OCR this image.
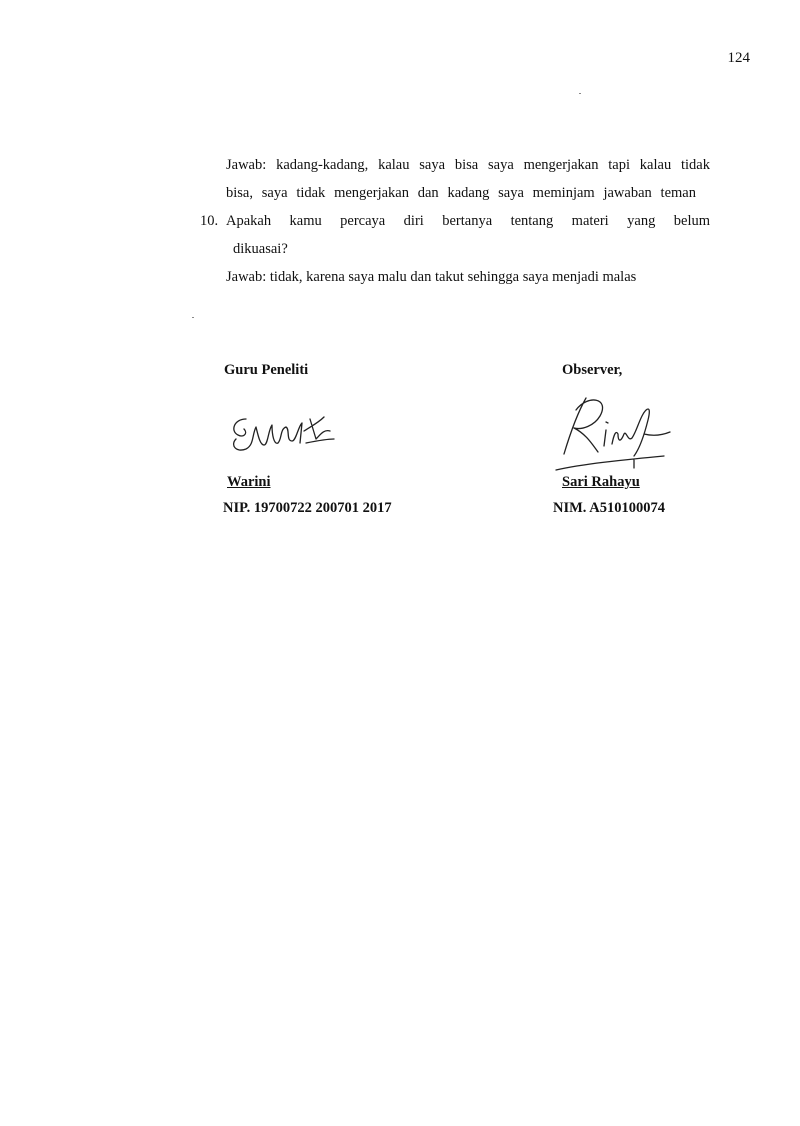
124
Jawab: kadang-kadang, kalau saya bisa saya mengerjakan tapi kalau tidak
bisa, saya tidak mengerjakan dan kadang saya meminjam jawaban teman
10. Apakah kamu percaya diri bertanya tentang materi yang belum
dikuasai?
Jawab: tidak, karena saya malu dan takut sehingga saya menjadi malas
Guru Peneliti
Warini
NIP. 19700722 200701 2017
Observer,
Sari Rahayu
NIM. A510100074
